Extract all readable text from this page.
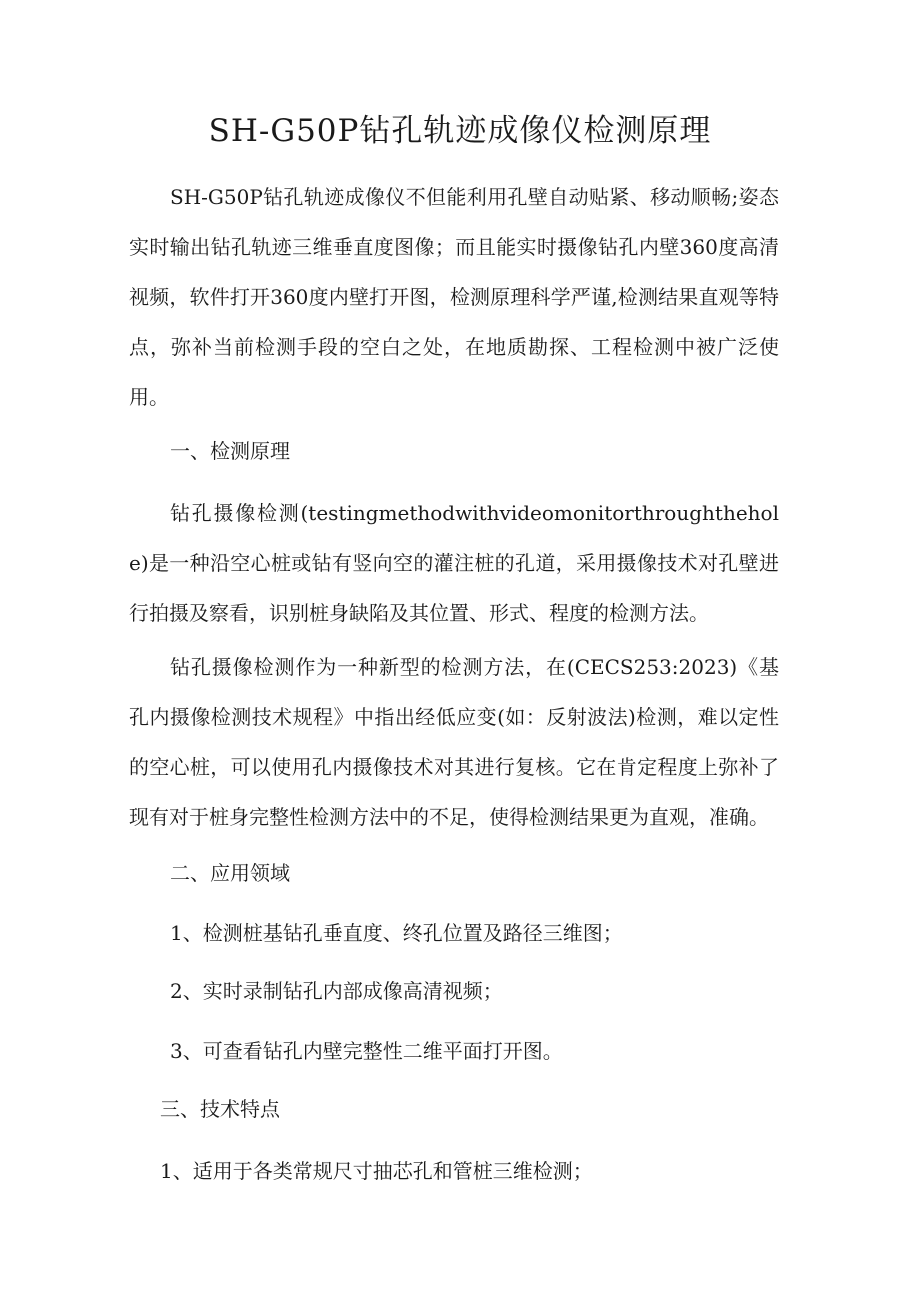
SH-G50P钻孔轨迹成像仪检测原理

SH-G50P钻孔轨迹成像仪不但能利用孔壁自动贴紧、移动顺畅;姿态实时输出钻孔轨迹三维垂直度图像；而且能实时摄像钻孔内壁360度高清视频，软件打开360度内壁打开图，检测原理科学严谨,检测结果直观等特点，弥补当前检测手段的空白之处，在地质勘探、工程检测中被广泛使用。

一、检测原理

钻孔摄像检测(testingmethodwithvideomonitorthroughthehole)是一种沿空心桩或钻有竖向空的灌注桩的孔道，采用摄像技术对孔壁进行拍摄及察看，识别桩身缺陷及其位置、形式、程度的检测方法。

钻孔摄像检测作为一种新型的检测方法，在(CECS253:2023)《基孔内摄像检测技术规程》中指出经低应变(如：反射波法)检测，难以定性的空心桩，可以使用孔内摄像技术对其进行复核。它在肯定程度上弥补了现有对于桩身完整性检测方法中的不足，使得检测结果更为直观，准确。

二、应用领域

1、检测桩基钻孔垂直度、终孔位置及路径三维图；

2、实时录制钻孔内部成像高清视频；

3、可查看钻孔内壁完整性二维平面打开图。

三、技术特点

1、适用于各类常规尺寸抽芯孔和管桩三维检测；
